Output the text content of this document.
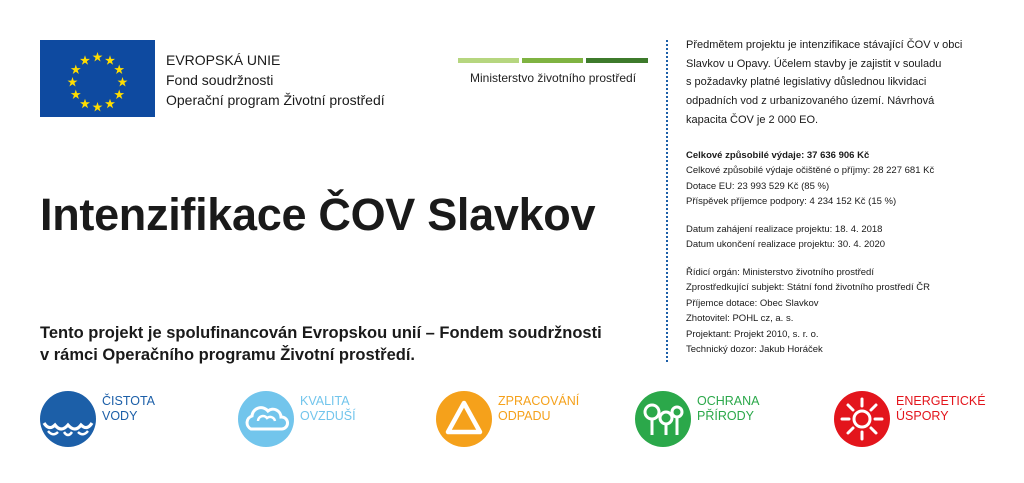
EVROPSKÁ UNIE
Fond soudržnosti
Operační program Životní prostředí
Ministerstvo životního prostředí
Intenzifikace ČOV Slavkov
Tento projekt je spolufinancován Evropskou unií – Fondem soudržnosti
v rámci Operačního programu Životní prostředí.
Předmětem projektu je intenzifikace stávající ČOV v obci
Slavkov u Opavy. Účelem stavby je zajistit v souladu
s požadavky platné legislativy důslednou likvidaci
odpadních vod z urbanizovaného území. Návrhová
kapacita ČOV je 2 000 EO.
Celkové způsobilé výdaje: 37 636 906 Kč
Celkové způsobilé výdaje očištěné o příjmy: 28 227 681 Kč
Dotace EU: 23 993 529 Kč (85 %)
Příspěvek příjemce podpory: 4 234 152 Kč (15 %)
Datum zahájení realizace projektu: 18. 4. 2018
Datum ukončení realizace projektu: 30. 4. 2020
Řídicí orgán: Ministerstvo životního prostředí
Zprostředkující subjekt: Státní fond životního prostředí ČR
Příjemce dotace: Obec Slavkov
Zhotovitel: POHL cz, a. s.
Projektant: Projekt 2010, s. r. o.
Technický dozor: Jakub Horáček
ČISTOTA
VODY
KVALITA
OVZDUŠÍ
ZPRACOVÁNÍ
ODPADU
OCHRANA
PŘÍRODY
ENERGETICKÉ
ÚSPORY
